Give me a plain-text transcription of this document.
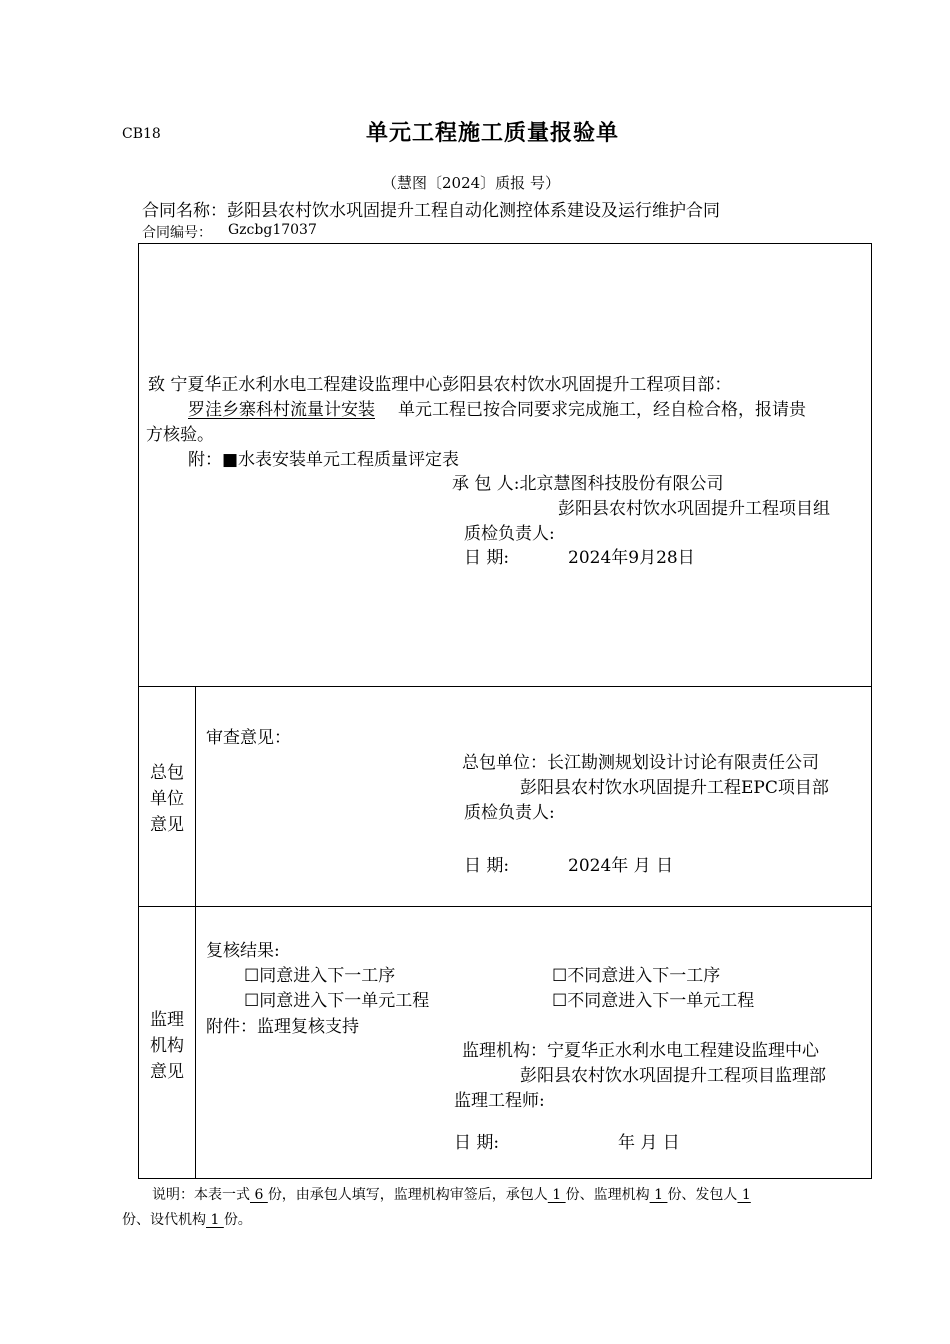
CB18	单元工程施工质量报验单
（慧图〔2024〕质报 号）
合同名称：彭阳县农村饮水巩固提升工程自动化测控体系建设及运行维护合同
合同编号： Gzcbg17037
致 宁夏华正水利水电工程建设监理中心彭阳县农村饮水巩固提升工程项目部：
罗洼乡寨科村流量计安装 单元工程已按合同要求完成施工，经自检合格，报请贵
方核验。
附：■水表安装单元工程质量评定表
承 包 人:北京慧图科技股份有限公司
彭阳县农村饮水巩固提升工程项目组
质检负责人:
日 期:	2024年9月28日
总包
单位
意见
审查意见：
总包单位：长江勘测规划设计讨论有限责任公司
彭阳县农村饮水巩固提升工程EPC项目部
质检负责人:
日 期:	2024年 月 日
监理
机构
意见
复核结果:
☐同意进入下一工序	☐不同意进入下一工序
☐同意进入下一单元工程	☐不同意进入下一单元工程
附件：监理复核支持
监理机构：宁夏华正水利水电工程建设监理中心
彭阳县农村饮水巩固提升工程项目监理部
监理工程师:
日 期:	年 月 日
说明：本表一式 6 份，由承包人填写，监理机构审签后，承包人 1 份、监理机构 1 份、发包人 1
份、设代机构 1 份。
